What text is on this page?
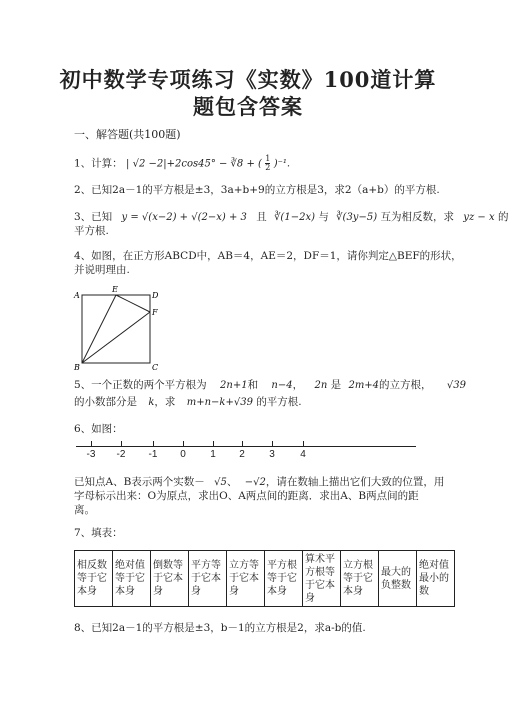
初中数学专项练习《实数》100道计算
题包含答案
一、解答题(共100题)
1、计算： | √2 −2|+2cos45° − ∛8 + ( $\frac{1}{2} )^{-1}$.
2、已知2a－1的平方根是±3，3a+b+9的立方根是3，求2（a+b）的平方根.
3、已知 y = √(x−2) + √(2−x) + 3 且 ∛(1−2x) 与 ∛(3y−5) 互为相反数，求 yz − x 的
平方根.
4、如图，在正方形ABCD中，AB＝4，AE＝2，DF＝1，请你判定△BEF的形状，
并说明理由.
A
E
D
F
B	C
5、一个正数的两个平方根为 2n+1和 n−4， 2n 是 2m+4的立方根， √39
的小数部分是 k，求 m+n−k+√39 的平方根.
6、如图：
-3	-2	-1	0	1	2	3	4
已知点A、B表示两个实数－ √5、 −√2，请在数轴上描出它们大致的位置，用
字母标示出来：O为原点，求出O、A两点间的距离．求出A、B两点间的距
离。
7、填表：
相反数等于它本身	绝对值等于它本身	倒数等于它本身	平方等于它本身	立方等于它本身	平方根等于它本身	算术平方根等于它本身	立方根等于它本身	最大的负整数	绝对值最小的数
8、已知2a－1的平方根是±3，b－1的立方根是2，求a-b的值.
